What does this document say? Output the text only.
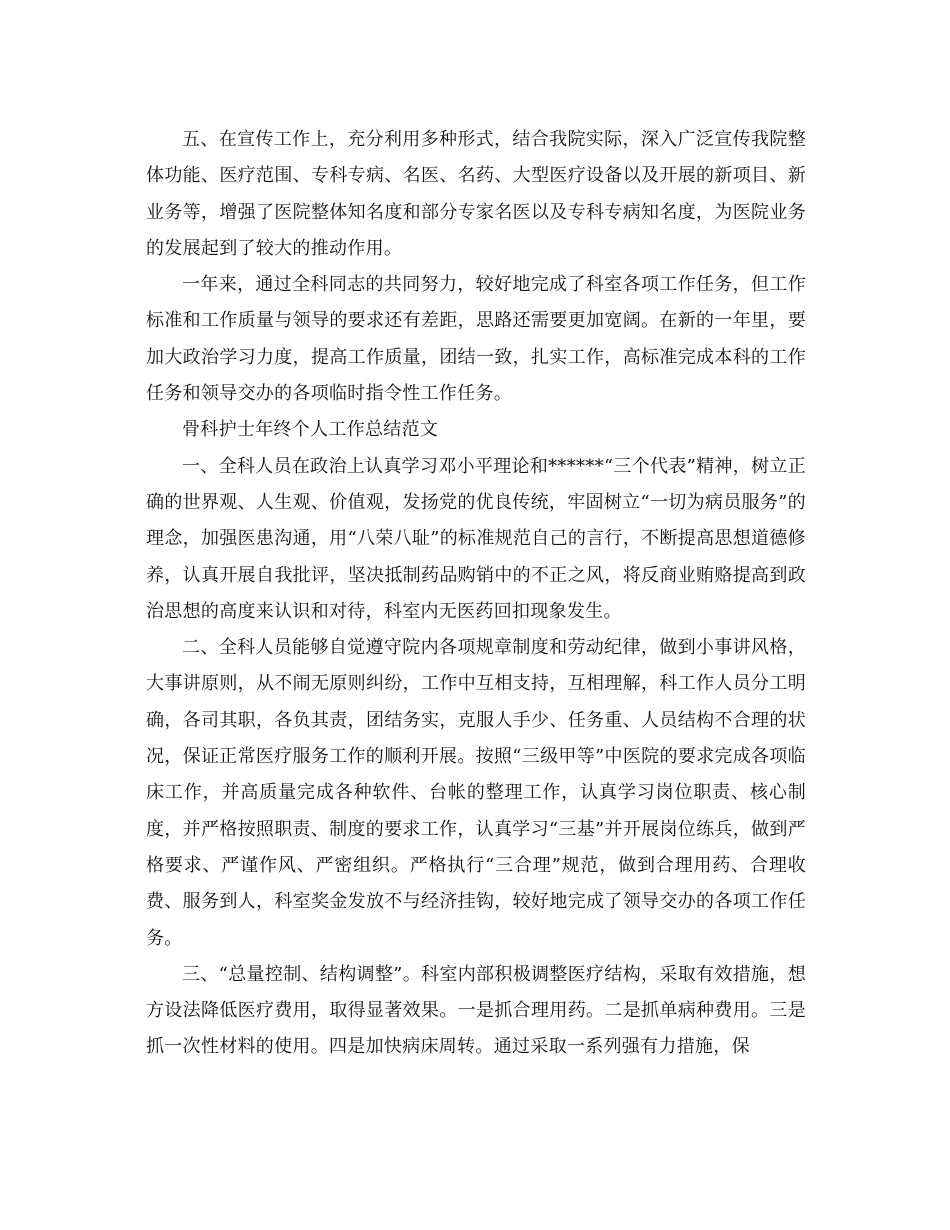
五、在宣传工作上，充分利用多种形式，结合我院实际，深入广泛宣传我院整体功能、医疗范围、专科专病、名医、名药、大型医疗设备以及开展的新项目、新业务等，增强了医院整体知名度和部分专家名医以及专科专病知名度，为医院业务的发展起到了较大的推动作用。

一年来，通过全科同志的共同努力，较好地完成了科室各项工作任务，但工作标准和工作质量与领导的要求还有差距，思路还需要更加宽阔。在新的一年里，要加大政治学习力度，提高工作质量，团结一致，扎实工作，高标准完成本科的工作任务和领导交办的各项临时指令性工作任务。

骨科护士年终个人工作总结范文

一、全科人员在政治上认真学习邓小平理论和******“三个代表”精神，树立正确的世界观、人生观、价值观，发扬党的优良传统，牢固树立“一切为病员服务”的理念，加强医患沟通，用“八荣八耻”的标准规范自己的言行，不断提高思想道德修养，认真开展自我批评，坚决抵制药品购销中的不正之风，将反商业贿赂提高到政治思想的高度来认识和对待，科室内无医药回扣现象发生。

二、全科人员能够自觉遵守院内各项规章制度和劳动纪律，做到小事讲风格，大事讲原则，从不闹无原则纠纷，工作中互相支持，互相理解，科工作人员分工明确，各司其职，各负其责，团结务实，克服人手少、任务重、人员结构不合理的状况，保证正常医疗服务工作的顺利开展。按照“三级甲等”中医院的要求完成各项临床工作，并高质量完成各种软件、台帐的整理工作，认真学习岗位职责、核心制度，并严格按照职责、制度的要求工作，认真学习“三基”并开展岗位练兵，做到严格要求、严谨作风、严密组织。严格执行“三合理”规范，做到合理用药、合理收费、服务到人，科室奖金发放不与经济挂钩，较好地完成了领导交办的各项工作任务。

三、“总量控制、结构调整”。科室内部积极调整医疗结构，采取有效措施，想方设法降低医疗费用，取得显著效果。一是抓合理用药。二是抓单病种费用。三是抓一次性材料的使用。四是加快病床周转。通过采取一系列强有力措施，保
